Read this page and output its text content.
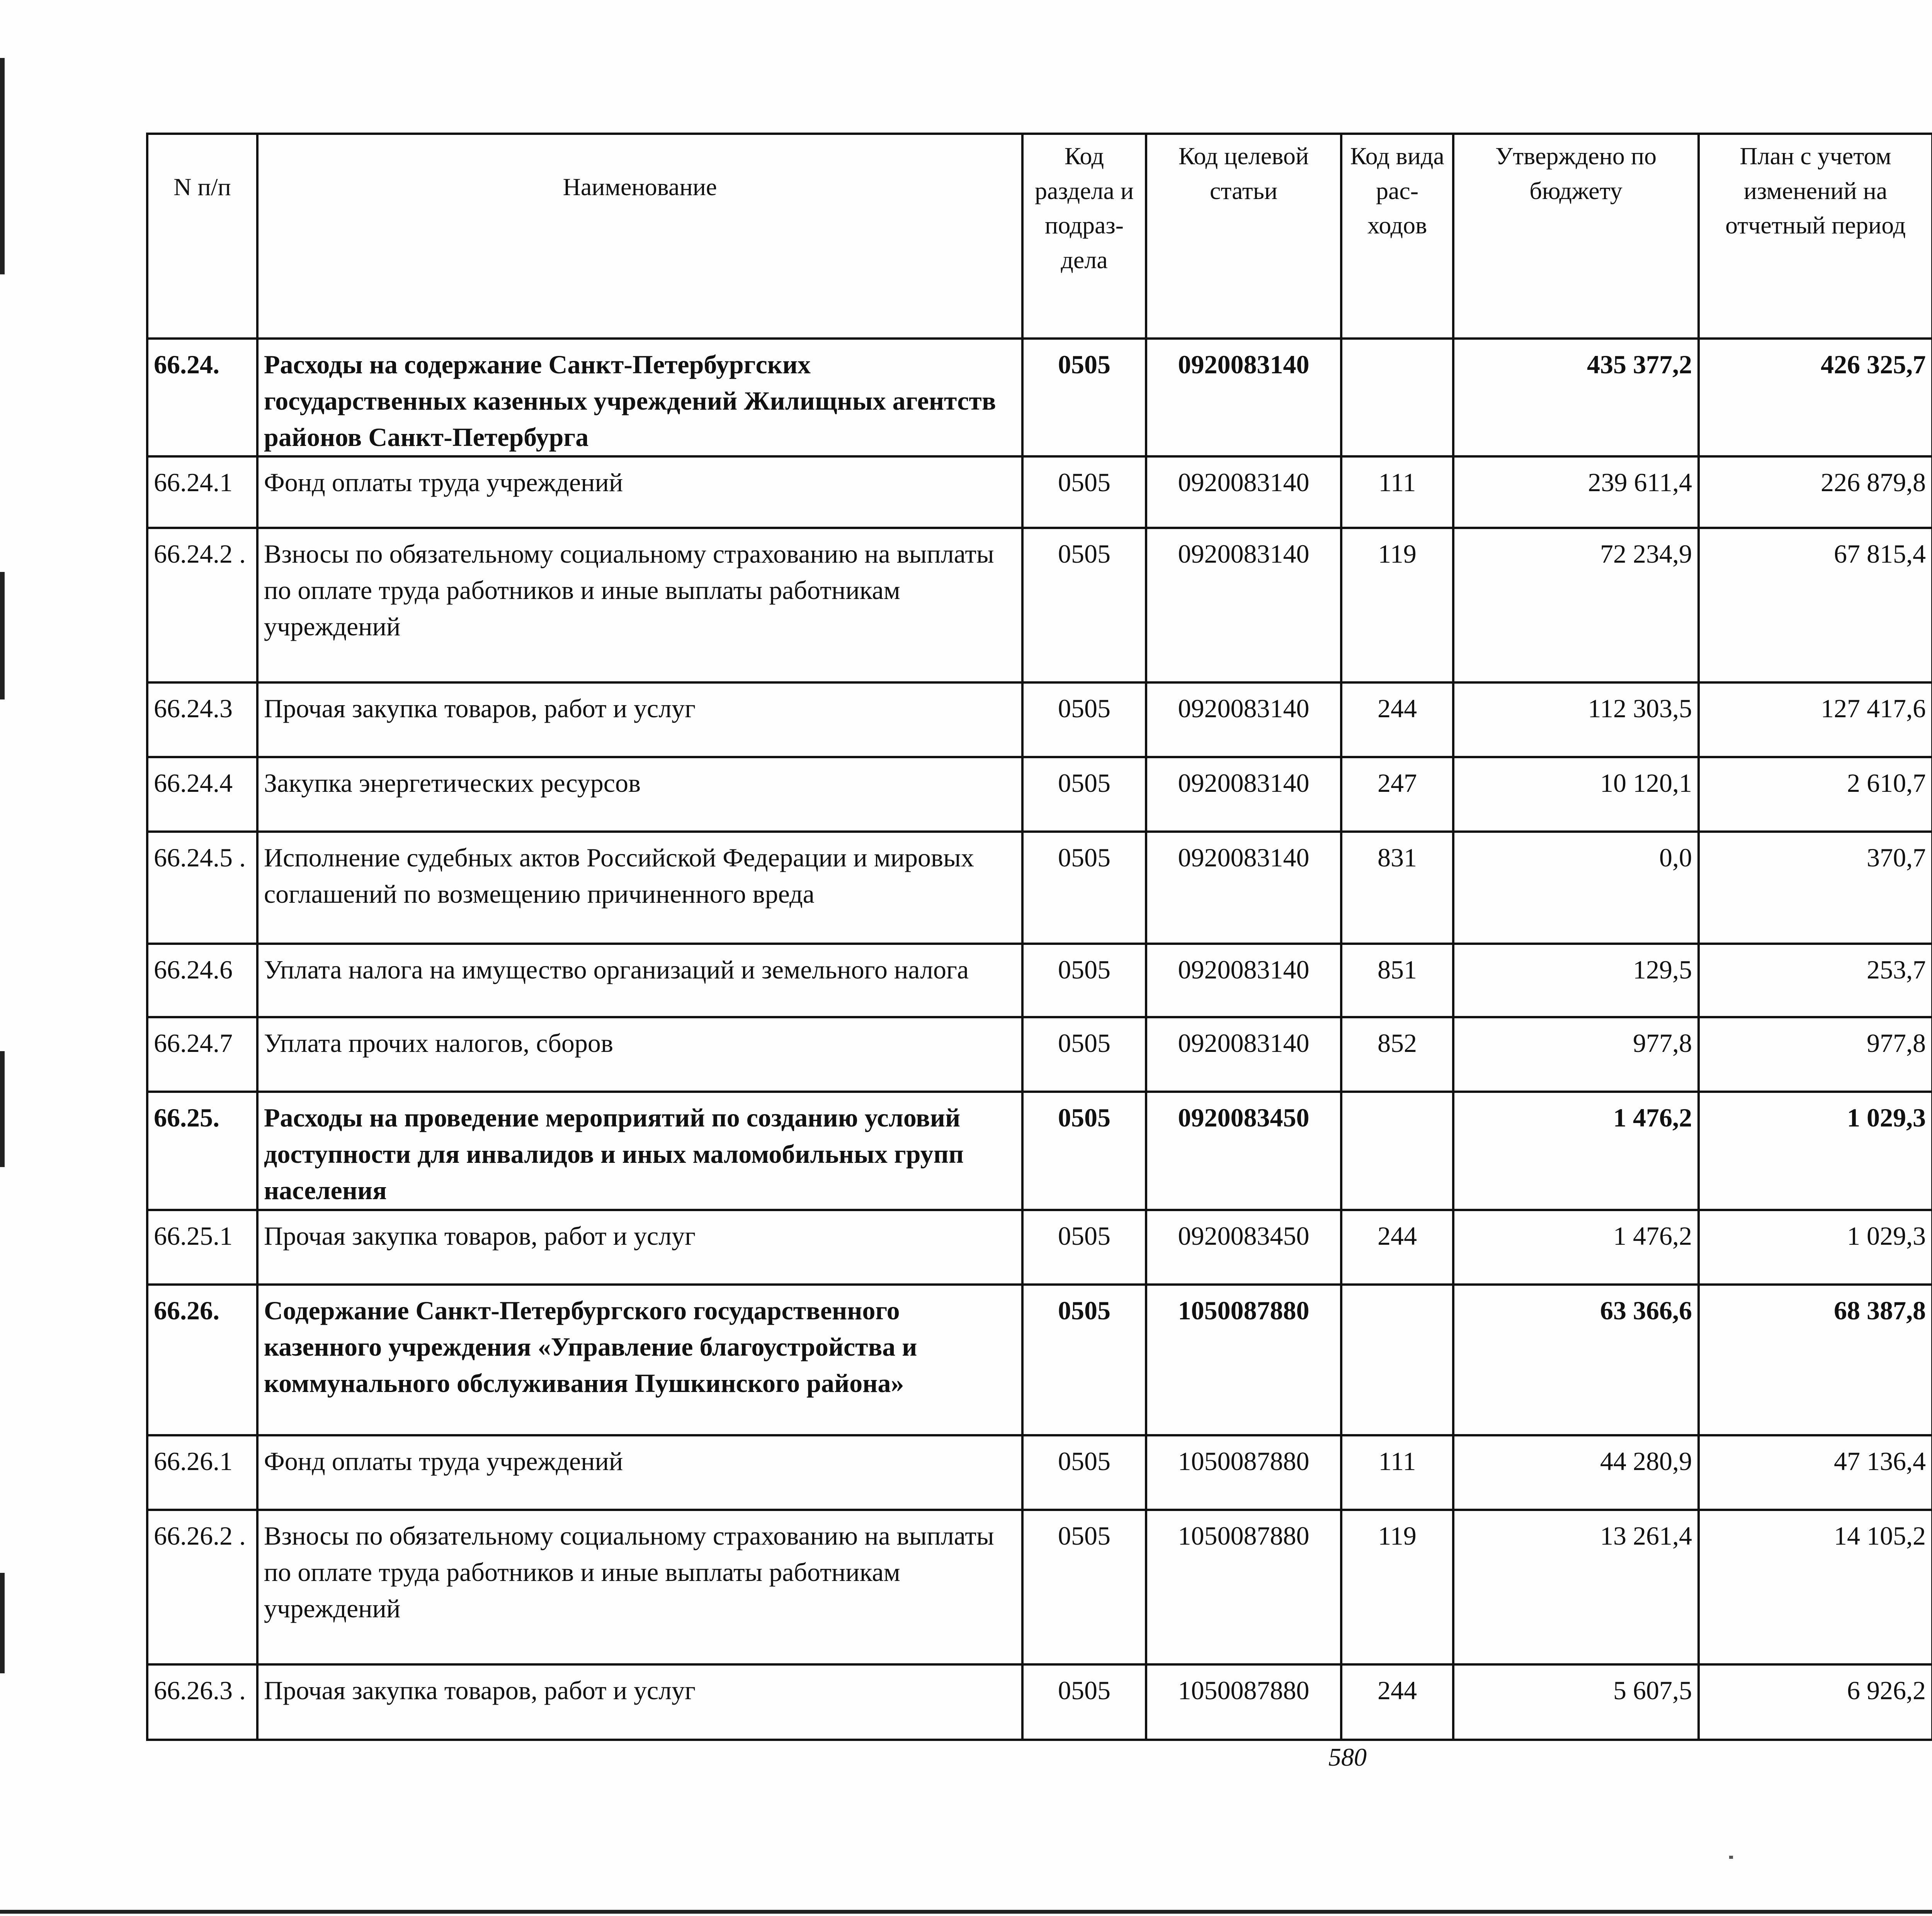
N п/п	Наименование	Код раздела и подраз-дела	Код целевой статьи	Код вида рас-ходов	Утверждено по бюджету	План с учетом изменений на отчетный период		

66.24.	Расходы на содержание Санкт-Петербургских государственных казенных учреждений Жилищных агентств районов Санкт-Петербурга	0505	0920083140		435 377,2	426 325,7			
66.24.1	Фонд оплаты труда учреждений	0505	0920083140	111	239 611,4	226 879,8			
66.24.2 .	Взносы по обязательному социальному страхованию на выплаты по оплате труда работников и иные выплаты работникам учреждений	0505	0920083140	119	72 234,9	67 815,4			
66.24.3	Прочая закупка товаров, работ и услуг	0505	0920083140	244	112 303,5	127 417,6			
66.24.4	Закупка энергетических ресурсов	0505	0920083140	247	10 120,1	2 610,7			
66.24.5 .	Исполнение судебных актов Российской Федерации и мировых соглашений по возмещению причиненного вреда	0505	0920083140	831	0,0	370,7			
66.24.6	Уплата налога на имущество организаций и земельного налога	0505	0920083140	851	129,5	253,7			
66.24.7	Уплата прочих налогов, сборов	0505	0920083140	852	977,8	977,8			
66.25.	Расходы на проведение мероприятий по созданию условий доступности для инвалидов и иных маломобильных групп населения	0505	0920083450		1 476,2	1 029,3			
66.25.1	Прочая закупка товаров, работ и услуг	0505	0920083450	244	1 476,2	1 029,3			
66.26.	Содержание Санкт-Петербургского государственного казенного учреждения «Управление благоустройства и коммунального обслуживания Пушкинского района»	0505	1050087880		63 366,6	68 387,8			
66.26.1	Фонд оплаты труда учреждений	0505	1050087880	111	44 280,9	47 136,4			
66.26.2 .	Взносы по обязательному социальному страхованию на выплаты по оплате труда работников и иные выплаты работникам учреждений	0505	1050087880	119	13 261,4	14 105,2			
66.26.3 .	Прочая закупка товаров, работ и услуг	0505	1050087880	244	5 607,5	6 926,2			
580
